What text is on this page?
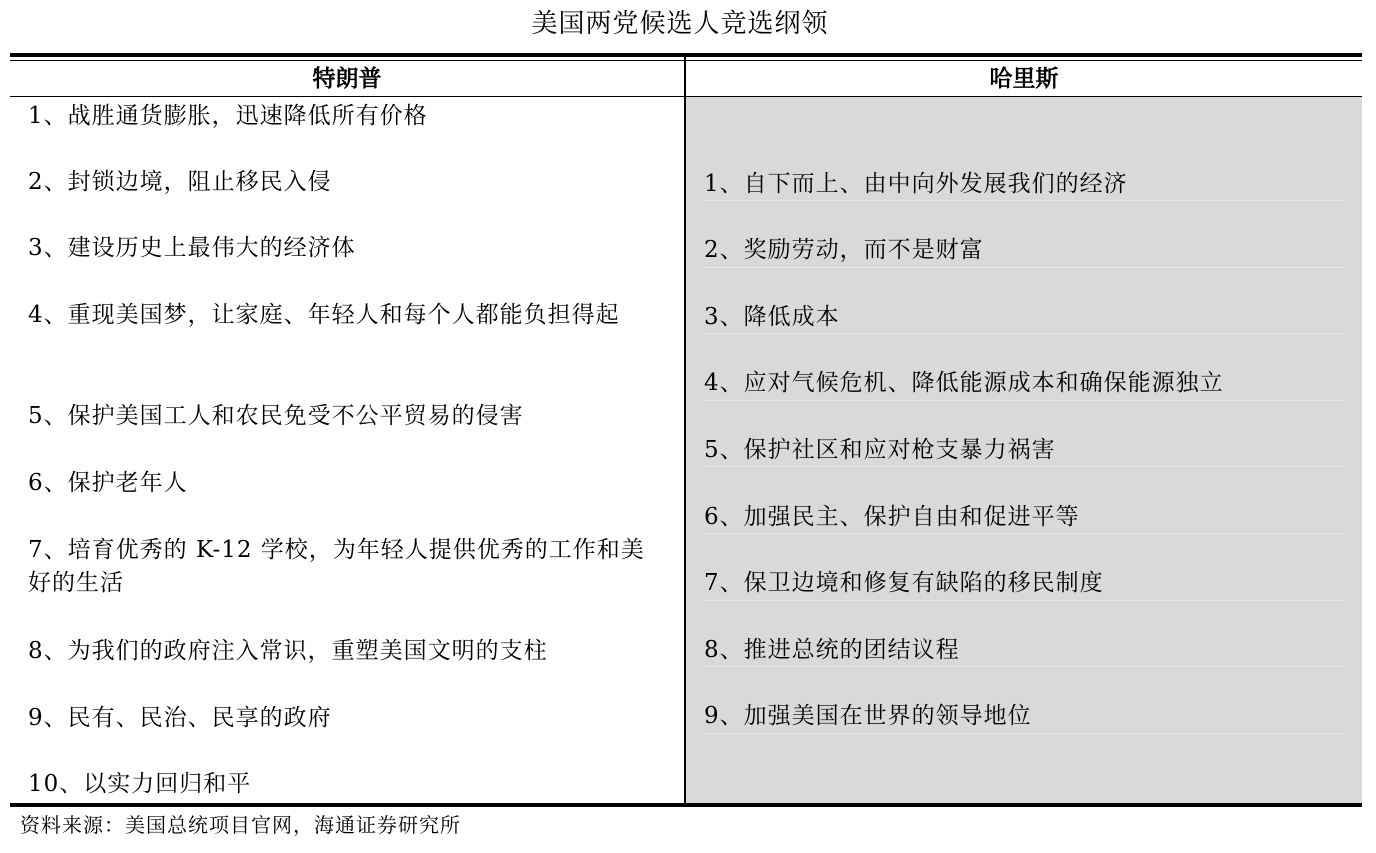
美国两党候选人竞选纲领
特朗普	哈里斯
1、战胜通货膨胀，迅速降低所有价格
2、封锁边境，阻止移民入侵
3、建设历史上最伟大的经济体
4、重现美国梦，让家庭、年轻人和每个人都能负担得起
5、保护美国工人和农民免受不公平贸易的侵害
6、保护老年人
7、培育优秀的 K-12 学校，为年轻人提供优秀的工作和美好的生活
8、为我们的政府注入常识，重塑美国文明的支柱
9、民有、民治、民享的政府
10、以实力回归和平
1、自下而上、由中向外发展我们的经济
2、奖励劳动，而不是财富
3、降低成本
4、应对气候危机、降低能源成本和确保能源独立
5、保护社区和应对枪支暴力祸害
6、加强民主、保护自由和促进平等
7、保卫边境和修复有缺陷的移民制度
8、推进总统的团结议程
9、加强美国在世界的领导地位
资料来源：美国总统项目官网，海通证券研究所
